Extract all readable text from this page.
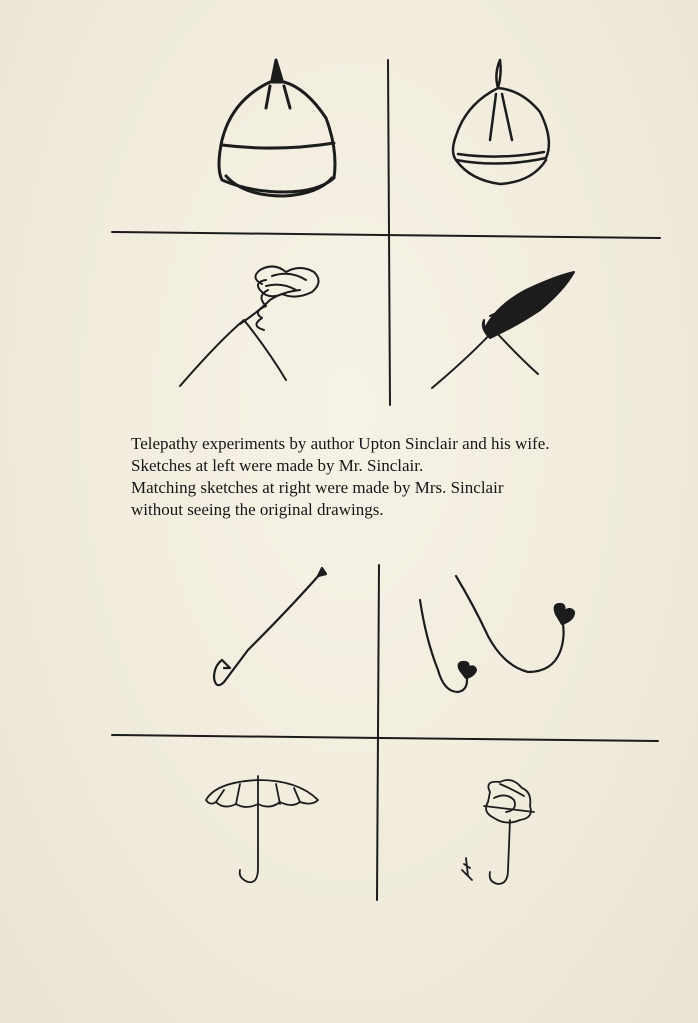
Telepathy experiments by author Upton Sinclair and his wife.
Sketches at left were made by Mr. Sinclair.
Matching sketches at right were made by Mrs. Sinclair
without seeing the original drawings.
